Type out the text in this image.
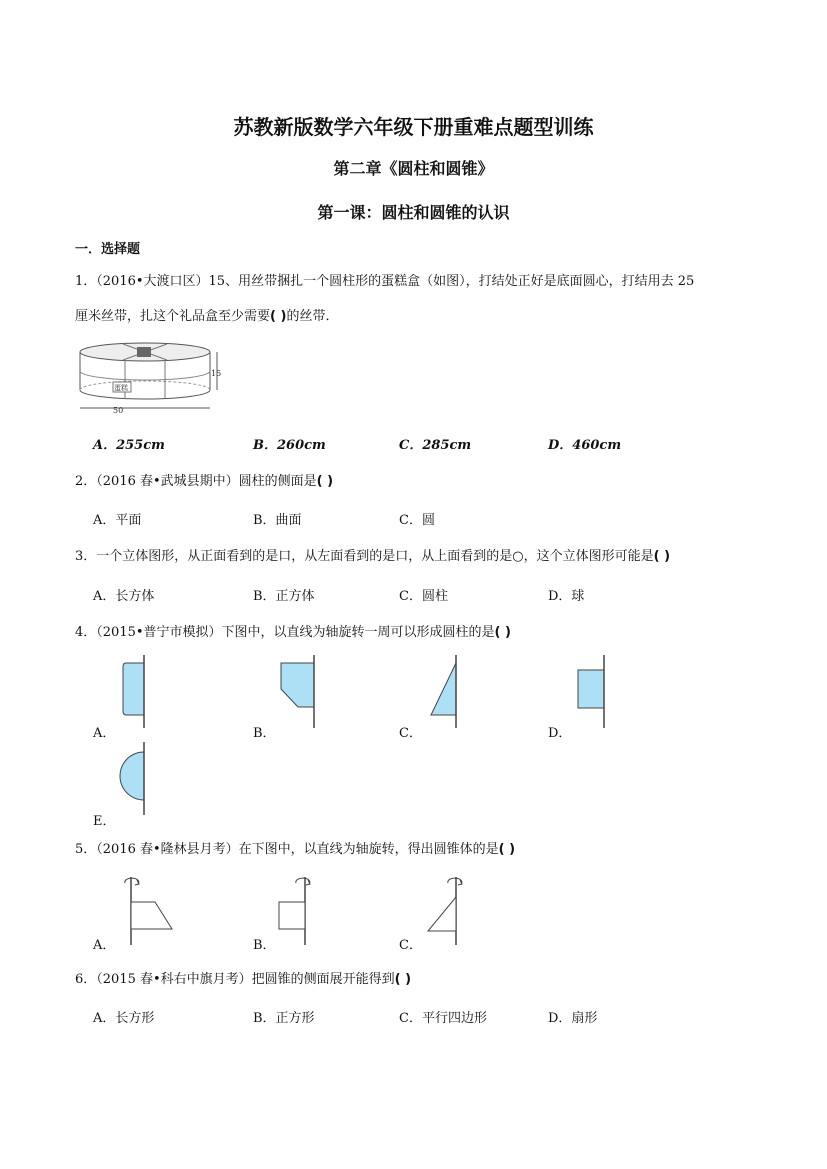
苏教新版数学六年级下册重难点题型训练
第二章《圆柱和圆锥》
第一课：圆柱和圆锥的认识
一．选择题
1．（2016•大渡口区）15、用丝带捆扎一个圆柱形的蛋糕盒（如图），打结处正好是底面圆心，打结用去 25
厘米丝带，扎这个礼品盒至少需要( )的丝带．
蛋糕
15
50
A．255cm	B．260cm	C．285cm	D．460cm
2．（2016 春•武城县期中）圆柱的侧面是( )
A．平面	B．曲面	C．圆
3．一个立体图形，从正面看到的是口，从左面看到的是口，从上面看到的是○，这个立体图形可能是( )
A．长方体	B．正方体	C．圆柱	D．球
4．（2015•普宁市模拟）下图中，以直线为轴旋转一周可以形成圆柱的是( )
A．	B．	C．	D．
E．
5．（2016 春•隆林县月考）在下图中，以直线为轴旋转，得出圆锥体的是( )
A．	B．	C．
6．（2015 春•科右中旗月考）把圆锥的侧面展开能得到( )
A．长方形	B．正方形	C．平行四边形	D．扇形
